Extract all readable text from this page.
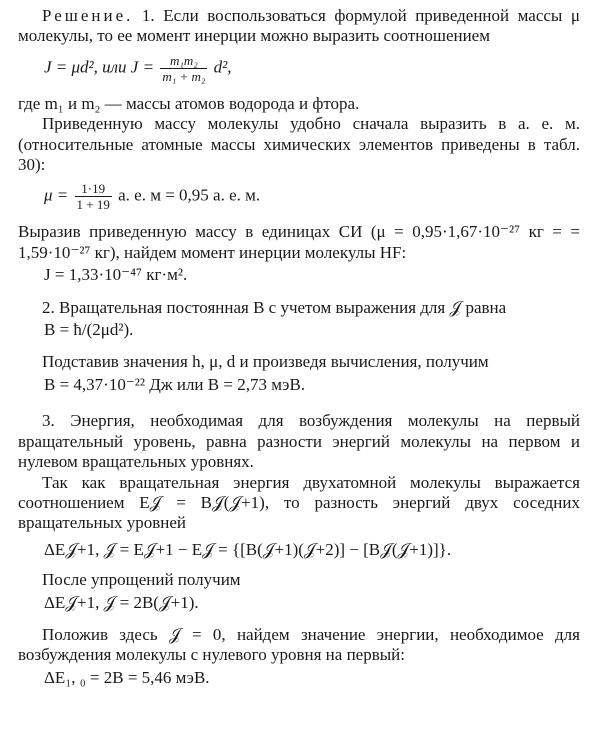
Решение. 1. Если воспользоваться формулой приведенной массы μ молекулы, то ее момент инерции можно выразить соотношением

J = μd², или $J = \frac{\text{m₁m₂}}{\text{m₁ + m₂}} d^2$,

где m₁ и m₂ — массы атомов водорода и фтора.

Приведенную массу молекулы удобно сначала выразить в а. е. м. (относительные атомные массы химических элементов приведены в табл. 30):

$\mu = \frac{1\cdot 19}{1 + 19} а$. е. м = 0,95 а. е. м.

Выразив приведенную массу в единицах СИ (μ = 0,95·1,67·10⁻²⁷ кг = = 1,59·10⁻²⁷ кг), найдем момент инерции молекулы HF:

J = 1,33·10⁻⁴⁷ кг·м².

2. Вращательная постоянная B с учетом выражения для 𝒥 равна

B = ħ/(2μd²).

Подставив значения h, μ, d и произведя вычисления, получим

B = 4,37·10⁻²² Дж или B = 2,73 мэВ.

3. Энергия, необходимая для возбуждения молекулы на первый вращательный уровень, равна разности энергий молекулы на первом и нулевом вращательных уровнях.

Так как вращательная энергия двухатомной молекулы выражается соотношением E𝒥 = B𝒥(𝒥+1), то разность энергий двух соседних вращательных уровней

ΔE𝒥+1, 𝒥 = E𝒥+1 − E𝒥 = {[B(𝒥+1)(𝒥+2)] − [B𝒥(𝒥+1)]}.

После упрощений получим

ΔE𝒥+1, 𝒥 = 2B(𝒥+1).

Положив здесь 𝒥 = 0, найдем значение энергии, необходимое для возбуждения молекулы с нулевого уровня на первый:

ΔE₁, ₀ = 2B = 5,46 мэВ.
